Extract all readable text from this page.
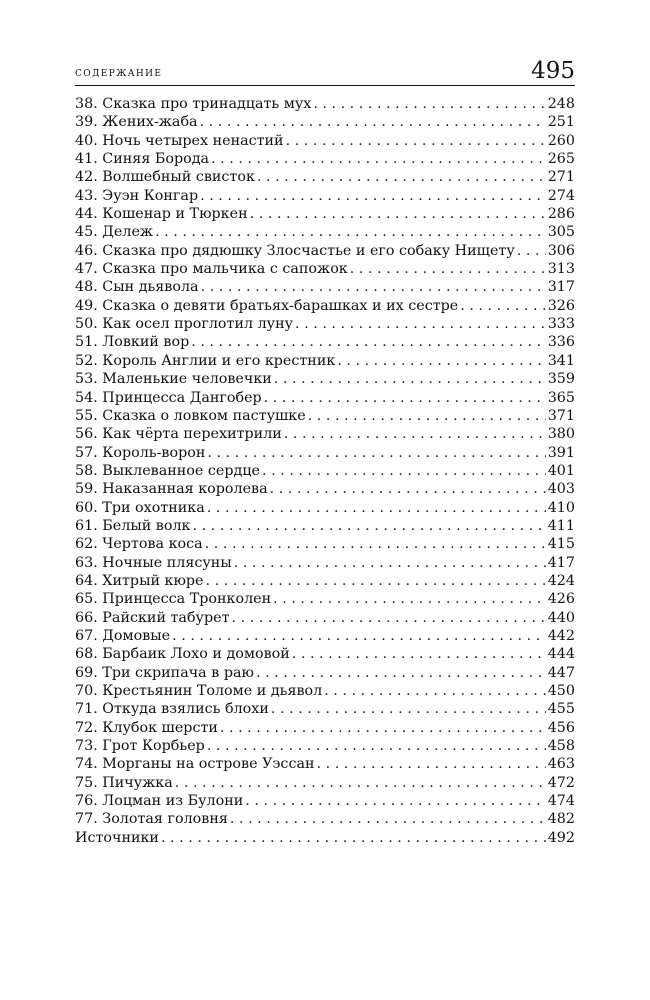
содержание	495
38. Сказка про тринадцать мух . . .	248
39. Жених-жаба . . .	251
40. Ночь четырех ненастий . . .	260
41. Синяя Борода . . .	265
42. Волшебный свисток . . .	271
43. Эуэн Конгар . . .	274
44. Кошенар и Тюркен . . .	286
45. Дележ . . .	305
46. Сказка про дядюшку Злосчастье и его собаку Нищету . . . 306
47. Сказка про мальчика с сапожок . . .	313
48. Сын дьявола . . .	317
49. Сказка о девяти братьях-барашках и их сестре . . .	326
50. Как осел проглотил луну . . .	333
51. Ловкий вор . . .	336
52. Король Англии и его крестник . . .	341
53. Маленькие человечки . . .	359
54. Принцесса Дангобер . . .	365
55. Сказка о ловком пастушке . . .	371
56. Как чёрта перехитрили . . .	380
57. Король-ворон . . .	391
58. Выклеванное сердце . . .	401
59. Наказанная королева . . .	403
60. Три охотника . . .	410
61. Белый волк . . .	411
62. Чертова коса . . .	415
63. Ночные плясуны . . .	417
64. Хитрый кюре . . .	424
65. Принцесса Тронколен . . .	426
66. Райский табурет . . .	440
67. Домовые . . .	442
68. Барбаик Лохо и домовой . . .	444
69. Три скрипача в раю . . .	447
70. Крестьянин Толоме и дьявол . . .	450
71. Откуда взялись блохи . . .	455
72. Клубок шерсти . . .	456
73. Грот Корбьер . . .	458
74. Морганы на острове Уэссан . . .	463
75. Пичужка . . .	472
76. Лоцман из Булони . . .	474
77. Золотая головня . . .	482
Источники . . .	492
